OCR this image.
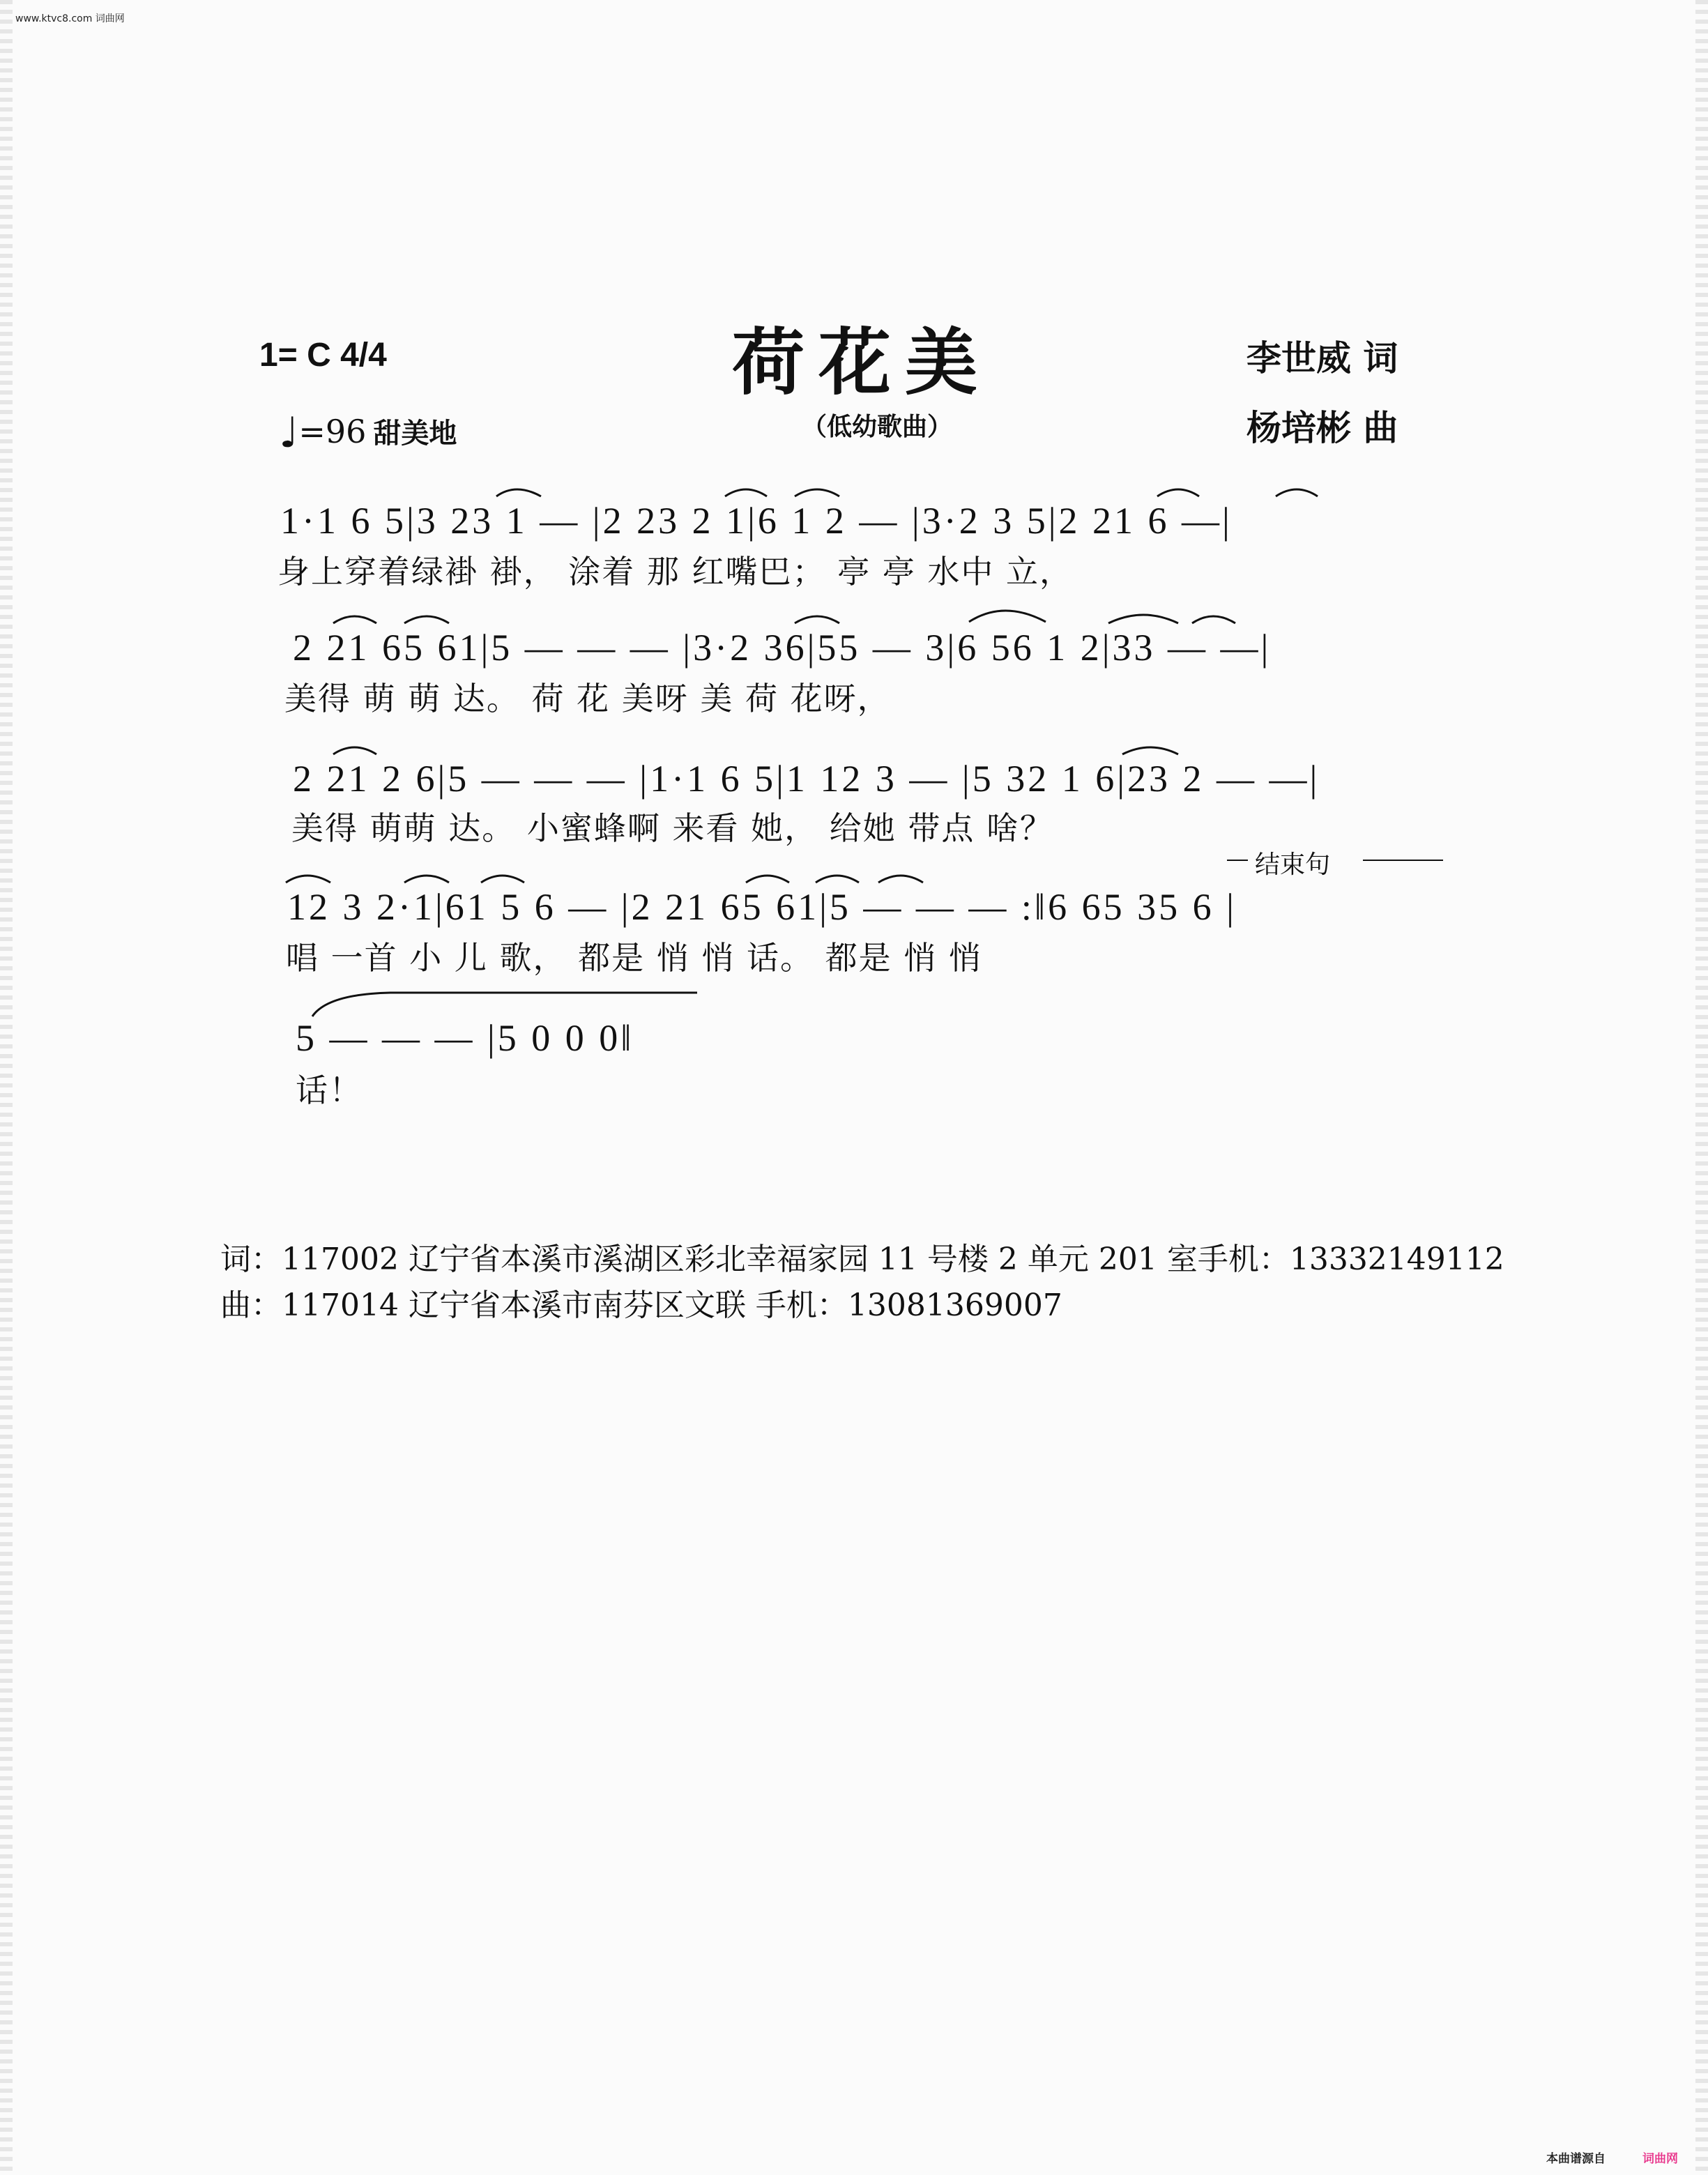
www.ktvc8.com 词曲网
1= C 4/4	荷花美	李世威 词
♩=96 甜美地	（低幼歌曲）	杨培彬 曲
1·1 6 5|3 23 1 — |2 23 2 1|6 1 2 — |3·2 3 5|2 21 6 —|
身上穿着绿褂 褂， 涂着 那 红嘴巴； 亭 亭 水中 立，
2 21 65 61|5 — — — |3·2 36|55 — 3|6 56 1 2|33 — —|
美得 萌 萌 达。 荷 花 美呀 美 荷 花呀，
2 21 2 6|5 — — — |1·1 6 5|1 12 3 — |5 32 1 6|23 2 — —|
美得 萌萌 达。 小蜜蜂啊 来看 她， 给她 带点 啥？
结束句
12 3 2·1|61 5 6 — |2 21 65 61|5 — — — :‖6 65 35 6 |
唱 一首 小 儿 歌， 都是 悄 悄 话。 都是 悄 悄
5 — — — |5 0 0 0‖
话！
词：117002 辽宁省本溪市溪湖区彩北幸福家园 11 号楼 2 单元 201 室手机：13332149112
曲：117014 辽宁省本溪市南芬区文联 手机：13081369007
本曲谱源自	词曲网
